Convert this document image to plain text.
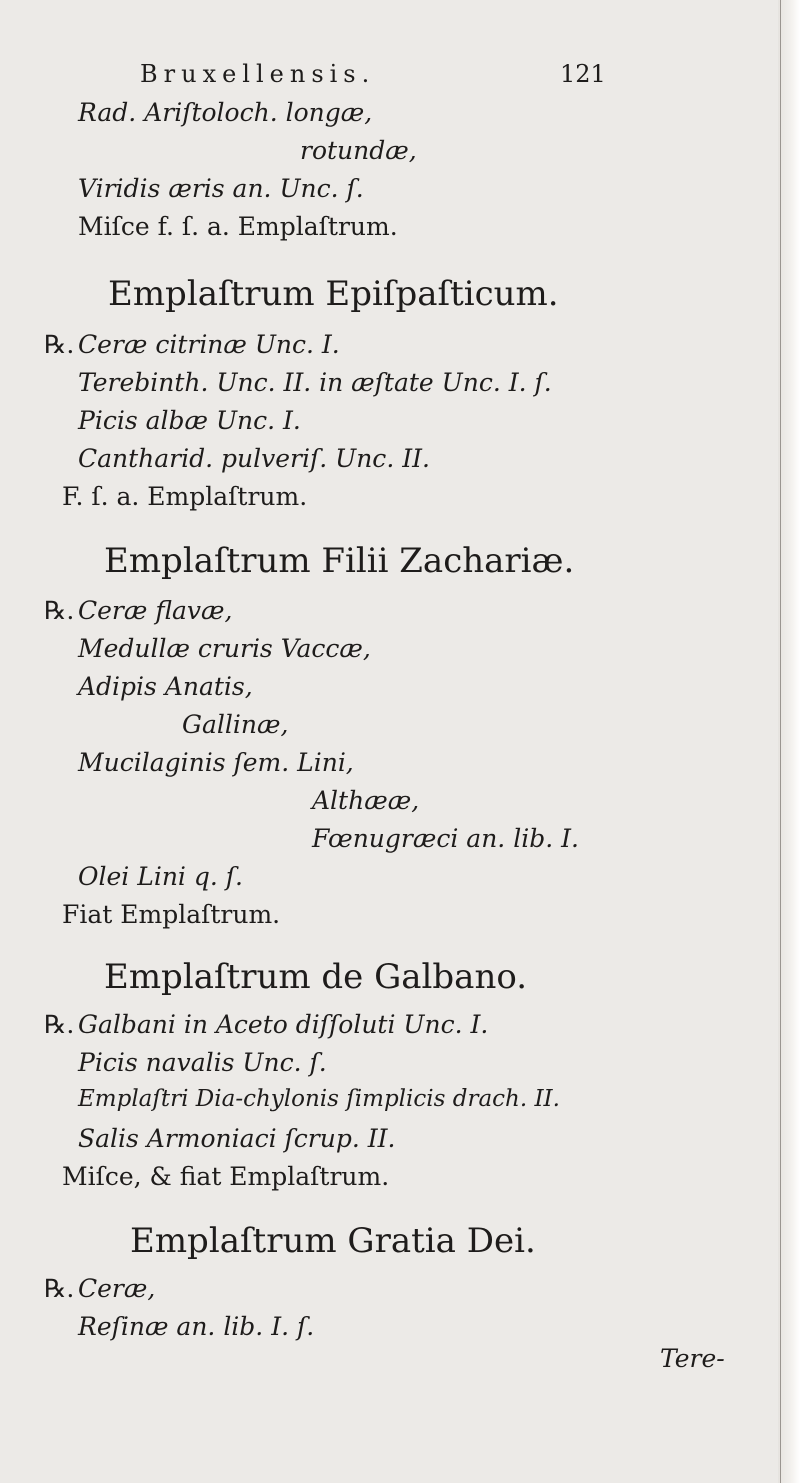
Bruxellensis.	121
Rad. Ariſtoloch. longæ,
rotundæ,
Viridis æris an. Unc. ſ.
Miſce f. ſ. a. Emplaſtrum.
Emplaſtrum Epiſpaſticum.
℞. Ceræ citrinæ Unc. I.
Terebinth. Unc. II. in æſtate Unc. I. ſ.
Picis albæ Unc. I.
Cantharid. pulveriſ. Unc. II.
F. ſ. a. Emplaſtrum.
Emplaſtrum Filii Zachariæ.
℞. Ceræ flavæ,
Medullæ cruris Vaccæ,
Adipis Anatis,
Gallinæ,
Mucilaginis ſem. Lini,
Althææ,
Fœnugræci an. lib. I.
Olei Lini q. ſ.
Fiat Emplaſtrum.
Emplaſtrum de Galbano.
℞. Galbani in Aceto diſſoluti Unc. I.
Picis navalis Unc. ſ.
Emplaſtri Dia-chylonis ſimplicis drach. II.
Salis Armoniaci ſcrup. II.
Miſce, & fiat Emplaſtrum.
Emplaſtrum Gratia Dei.
℞. Ceræ,
Reſinæ an. lib. I. ſ.
Tere-
